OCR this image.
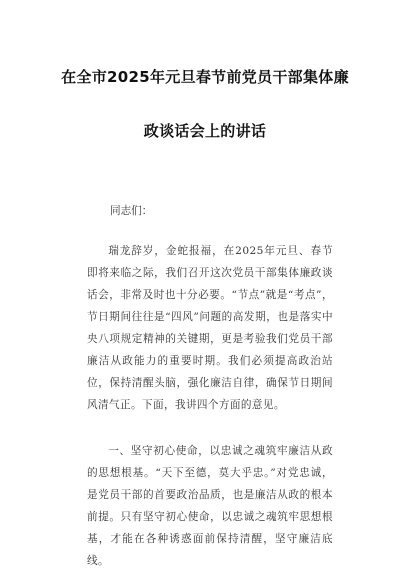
在全市2025年元旦春节前党员干部集体廉
政谈话会上的讲话
同志们：
瑞龙辞岁，金蛇报福，在2025年元旦、春节即将来临之际，我们召开这次党员干部集体廉政谈话会，非常及时也十分必要。“节点”就是“考点”，节日期间往往是“四风”问题的高发期，也是落实中央八项规定精神的关键期，更是考验我们党员干部廉洁从政能力的重要时期。我们必须提高政治站位，保持清醒头脑，强化廉洁自律，确保节日期间风清气正。下面，我讲四个方面的意见。
一、坚守初心使命，以忠诚之魂筑牢廉洁从政的思想根基。“天下至德，莫大乎忠。”对党忠诚，是党员干部的首要政治品质，也是廉洁从政的根本前提。只有坚守初心使命，以忠诚之魂筑牢思想根基，才能在各种诱惑面前保持清醒，坚守廉洁底线。
